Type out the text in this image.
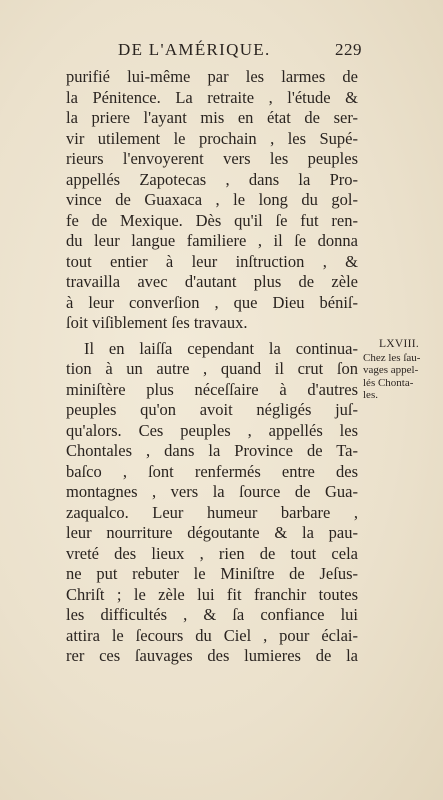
DE L'AMÉRIQUE.	229
purifié lui-même par les larmes de
la Pénitence. La retraite , l'étude &
la priere l'ayant mis en état de ser-
vir utilement le prochain , les Supé-
rieurs l'envoyerent vers les peuples
appellés Zapotecas , dans la Pro-
vince de Guaxaca , le long du gol-
fe de Mexique. Dès qu'il ſe fut ren-
du leur langue familiere , il ſe donna
tout entier à leur inſtruction , &
travailla avec d'autant plus de zèle
à leur converſion , que Dieu béniſ-
ſoit viſiblement ſes travaux.
Il en laiſſa cependant la continua-
tion à un autre , quand il crut ſon
miniſtère plus néceſſaire à d'autres
peuples qu'on avoit négligés juſ-
qu'alors. Ces peuples , appellés les
Chontales , dans la Province de Ta-
baſco , ſont renfermés entre des
montagnes , vers la ſource de Gua-
zaqualco. Leur humeur barbare ,
leur nourriture dégoutante & la pau-
vreté des lieux , rien de tout cela
ne put rebuter le Miniſtre de Jeſus-
Chriſt ; le zèle lui fit franchir toutes
les difficultés , & ſa confiance lui
attira le ſecours du Ciel , pour éclai-
rer ces ſauvages des lumieres de la
LXVIII.
Chez les ſau-
vages appel-
lés Chonta-
les.
